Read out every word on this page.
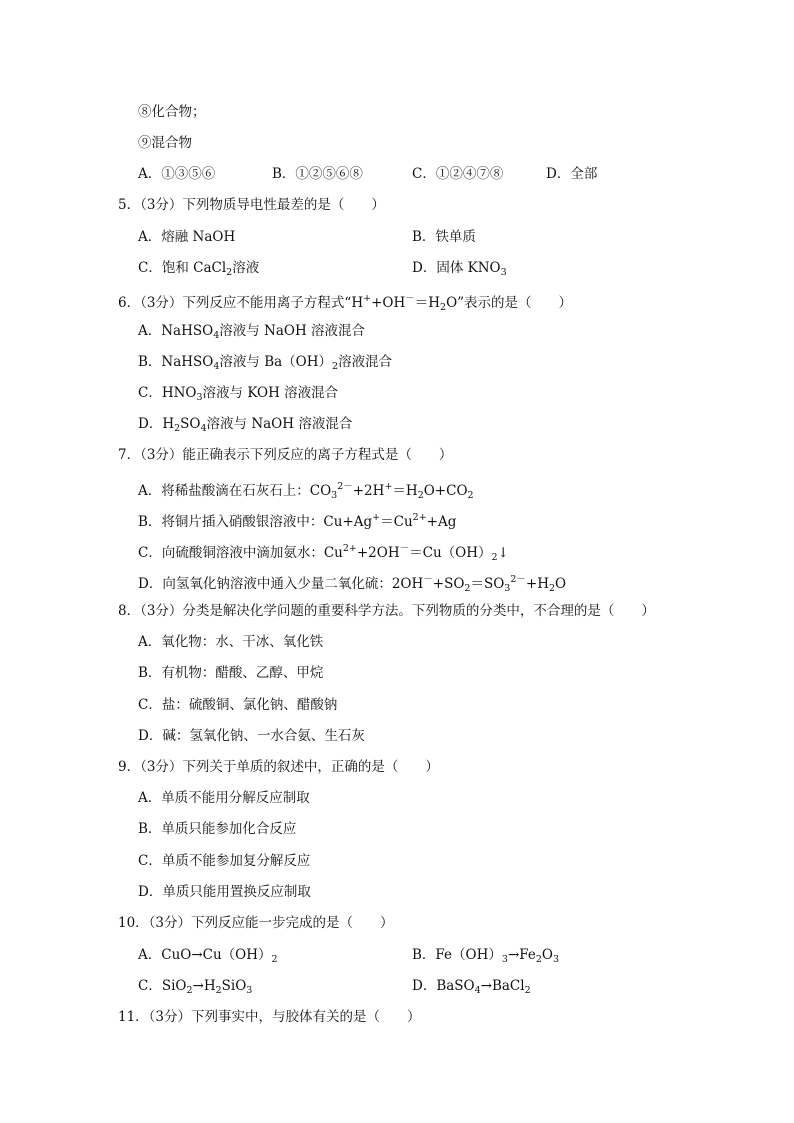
⑧化合物；
⑨混合物
A．①③⑤⑥	B．①②⑤⑥⑧	C．①②④⑦⑧	D．全部
5．（3分）下列物质导电性最差的是（　　）
A．熔融 NaOH	B．铁单质
C．饱和 CaCl$_2$溶液	D．固体 $KNO_3$
6．（3分）下列反应不能用离子方程式“$H^++OH^-=H_2O$”表示的是（　　）
A．NaHSO$_4$溶液与 NaOH 溶液混合
B．NaHSO$_4$溶液与 $Ba(OH)_2$溶液混合
C．$HNO_3$溶液与 KOH 溶液混合
D．$H_2SO_4$溶液与 NaOH 溶液混合
7．（3分）能正确表示下列反应的离子方程式是（　　）
A．将稀盐酸滴在石灰石上：$CO_3^{2-}+2H^+=H_2O+CO_2$
B．将铜片插入硝酸银溶液中：$Cu+Ag^+=Cu^{2+}+Ag$
C．向硫酸铜溶液中滴加氨水：$Cu^{2+}+2OH^-=Cu(OH)_2↓$
D．向氢氧化钠溶液中通入少量二氧化硫：$2OH^-+SO_2=SO_3^{2-}+H_2O$
8．（3分）分类是解决化学问题的重要科学方法。下列物质的分类中，不合理的是（　　）
A．氧化物：水、干冰、氧化铁
B．有机物：醋酸、乙醇、甲烷
C．盐：硫酸铜、氯化钠、醋酸钠
D．碱：氢氧化钠、一水合氨、生石灰
9．（3分）下列关于单质的叙述中，正确的是（　　）
A．单质不能用分解反应制取
B．单质只能参加化合反应
C．单质不能参加复分解反应
D．单质只能用置换反应制取
10．（3分）下列反应能一步完成的是（　　）
A．$CuO\to Cu(OH)_2$	B．$Fe(OH)_3\to Fe_2O_3$
C．$SiO_2\to H_2SiO_3$	D．BaSO$_4$→BaCl$_2$
11．（3分）下列事实中，与胶体有关的是（　　）
